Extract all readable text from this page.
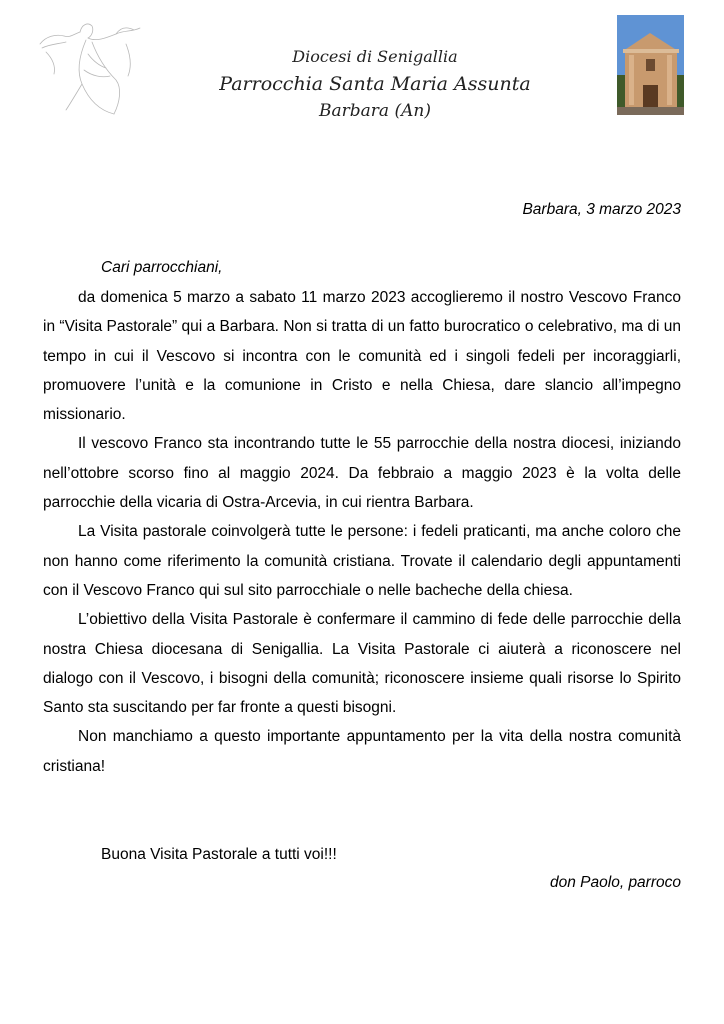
Diocesi di Senigallia
Parrocchia Santa Maria Assunta
Barbara (An)
Barbara, 3 marzo 2023
Cari parrocchiani,

da domenica 5 marzo a sabato 11 marzo 2023 accoglieremo il nostro Vescovo Franco in “Visita Pastorale” qui a Barbara. Non si tratta di un fatto burocratico o celebrativo, ma di un tempo in cui il Vescovo si incontra con le comunità ed i singoli fedeli per incoraggiarli, promuovere l’unità e la comunione in Cristo e nella Chiesa, dare slancio all’impegno missionario.

Il vescovo Franco sta incontrando tutte le 55 parrocchie della nostra diocesi, iniziando nell’ottobre scorso fino al maggio 2024. Da febbraio a maggio 2023 è la volta delle parrocchie della vicaria di Ostra-Arcevia, in cui rientra Barbara.

La Visita pastorale coinvolgerà tutte le persone: i fedeli praticanti, ma anche coloro che non hanno come riferimento la comunità cristiana. Trovate il calendario degli appuntamenti con il Vescovo Franco qui sul sito parrocchiale o nelle bacheche della chiesa.

L’obiettivo della Visita Pastorale è confermare il cammino di fede delle parrocchie della nostra Chiesa diocesana di Senigallia. La Visita Pastorale ci aiuterà a riconoscere nel dialogo con il Vescovo, i bisogni della comunità; riconoscere insieme quali risorse lo Spirito Santo sta suscitando per far fronte a questi bisogni.

Non manchiamo a questo importante appuntamento per la vita della nostra comunità cristiana!

Buona Visita Pastorale a tutti voi!!!
don Paolo, parroco
